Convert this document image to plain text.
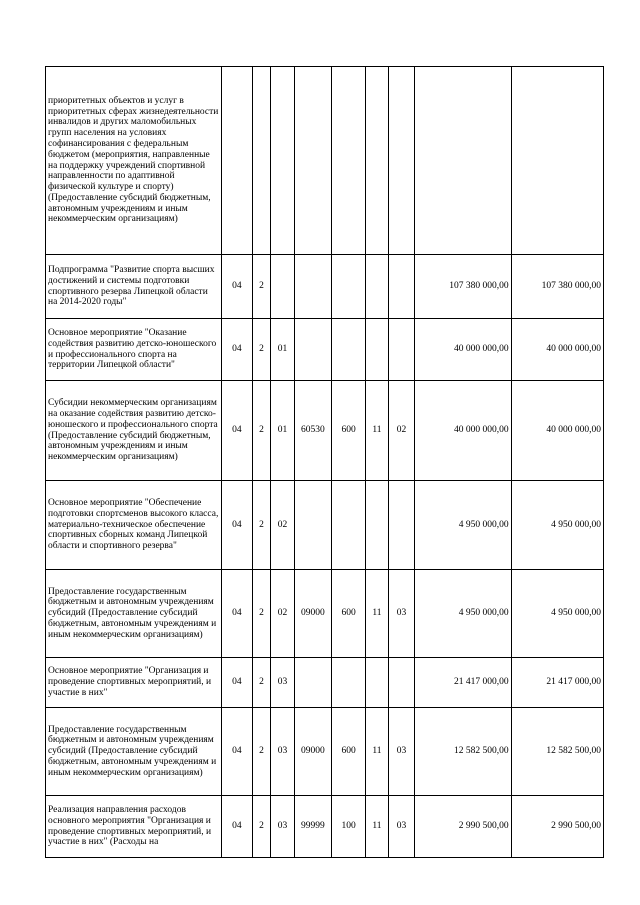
приоритетных объектов и услуг в приоритетных сферах жизнедеятельности инвалидов и других маломобильных групп населения на условиях софинансирования с федеральным бюджетом (мероприятия, направленные на поддержку учреждений спортивной направленности по адаптивной физической культуре и спорту) (Предоставление субсидий бюджетным, автономным учреждениям и иным некоммерческим организациям)									
Подпрограмма "Развитие спорта высших достижений и системы подготовки спортивного резерва Липецкой области на 2014-2020 годы"	04	2						107 380 000,00	107 380 000,00
Основное мероприятие "Оказание содействия развитию детско-юношеского и профессионального спорта на территории Липецкой области"	04	2	01					40 000 000,00	40 000 000,00
Субсидии некоммерческим организациям на оказание содействия развитию детско-юношеского и профессионального спорта (Предоставление субсидий бюджетным, автономным учреждениям и иным некоммерческим организациям)	04	2	01	60530	600	11	02	40 000 000,00	40 000 000,00
Основное мероприятие "Обеспечение подготовки спортсменов высокого класса, материально-техническое обеспечение спортивных сборных команд Липецкой области и спортивного резерва"	04	2	02					4 950 000,00	4 950 000,00
Предоставление государственным бюджетным и автономным учреждениям субсидий (Предоставление субсидий бюджетным, автономным учреждениям и иным некоммерческим организациям)	04	2	02	09000	600	11	03	4 950 000,00	4 950 000,00
Основное мероприятие "Организация и проведение спортивных мероприятий, и участие в них"	04	2	03					21 417 000,00	21 417 000,00
Предоставление государственным бюджетным и автономным учреждениям субсидий (Предоставление субсидий бюджетным, автономным учреждениям и иным некоммерческим организациям)	04	2	03	09000	600	11	03	12 582 500,00	12 582 500,00
Реализация направления расходов основного мероприятия "Организация и проведение спортивных мероприятий, и участие в них" (Расходы на	04	2	03	99999	100	11	03	2 990 500,00	2 990 500,00
